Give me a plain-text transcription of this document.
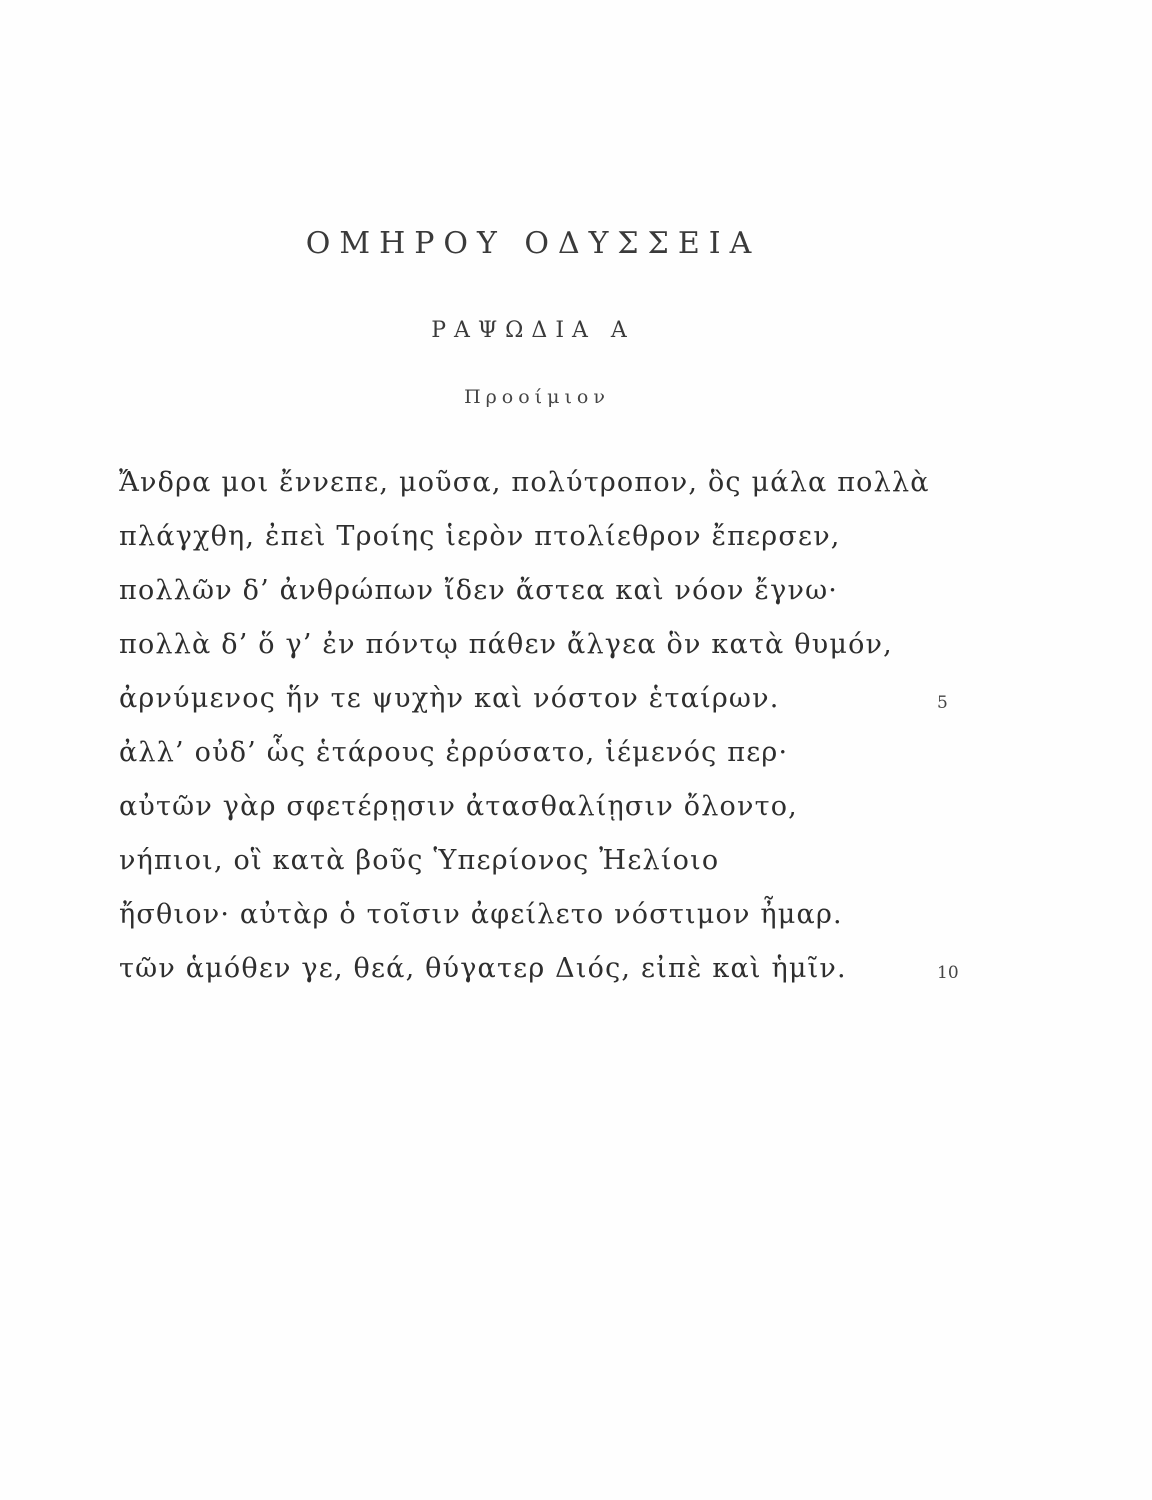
ΟΜΗΡΟΥ ΟΔΥΣΣΕΙΑ
ΡΑΨΩΔΙΑ Α
Προοίμιον
Ἄνδρα μοι ἔννεπε, μοῦσα, πολύτροπον, ὃς μάλα πολλὰ
πλάγχθη, ἐπεὶ Τροίης ἱερὸν πτολίεθρον ἔπερσεν,
πολλῶν δ’ ἀνθρώπων ἴδεν ἄστεα καὶ νόον ἔγνω·
πολλὰ δ’ ὅ γ’ ἐν πόντῳ πάθεν ἄλγεα ὃν κατὰ θυμόν,
ἀρνύμενος ἥν τε ψυχὴν καὶ νόστον ἑταίρων.	5
ἀλλ’ οὐδ’ ὧς ἑτάρους ἐρρύσατο, ἱέμενός περ·
αὐτῶν γὰρ σφετέρῃσιν ἀτασθαλίῃσιν ὄλοντο,
νήπιοι, οἳ κατὰ βοῦς Ὑπερίονος Ἠελίοιο
ἤσθιον· αὐτὰρ ὁ τοῖσιν ἀφείλετο νόστιμον ἦμαρ.
τῶν ἁμόθεν γε, θεά, θύγατερ Διός, εἰπὲ καὶ ἡμῖν.	10
